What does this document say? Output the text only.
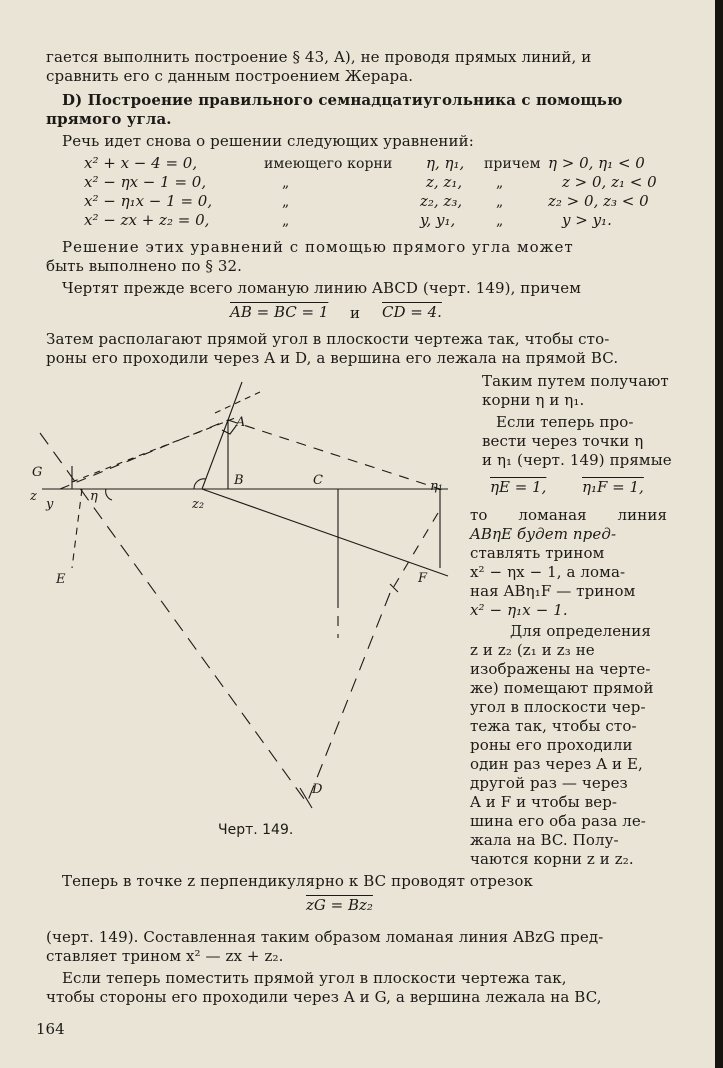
гается выполнить построение § 43, A), не проводя прямых линий, и
сравнить его с данным построением Жерара.
D) Построение правильного семнадцатиугольника с помощью
прямого угла.
Речь идет снова о решении следующих уравнений:
x² + x − 4 = 0,	имеющего корни η, η₁, причем η > 0, η₁ < 0
x² − ηx − 1 = 0,	„	z, z₁, „	z > 0, z₁ < 0
x² − η₁x − 1 = 0,	„	z₂, z₃, „	z₂ > 0, z₃ < 0
x² − zx + z₂ = 0,	„	y, y₁,	„	y > y₁.
Решение этих уравнений с помощью прямого угла может
быть выполнено по § 32.
Чертят прежде всего ломаную линию ABCD (черт. 149), причем
AB = BC = 1 и CD = 4.
Затем располагают прямой угол в плоскости чертежа так, чтобы сто-
роны его проходили через A и D, а вершина его лежала на прямой BC.
Таким путем получают
корни η и η₁.
Если теперь про-
вести через точки η
и η₁ (черт. 149) прямые
ηE = 1, η₁F = 1,
то ломаная линия
ABηE будет пред-
ставлять трином
x² − ηx − 1, а лома-
ная ABη₁F — трином
x² − η₁x − 1.
Для определения
z и z₂ (z₁ и z₃ не
изображены на черте-
же) помещают прямой
угол в плоскости чер-
тежа так, чтобы сто-
роны его проходили
один раз через A и E,
другой раз — через
A и F и чтобы вер-
шина его оба раза ле-
жала на BC. Полу-
чаются корни z и z₂.
A
B	C
D
E	F
G
η
η₁
z
z₂
y
Черт. 149.
Теперь в точке z перпендикулярно к BC проводят отрезок
zG = Bz₂
(черт. 149). Составленная таким образом ломаная линия ABzG пред-
ставляет трином x² — zx + z₂.
Если теперь поместить прямой угол в плоскости чертежа так,
чтобы стороны его проходили через A и G, а вершина лежала на BC,
164
